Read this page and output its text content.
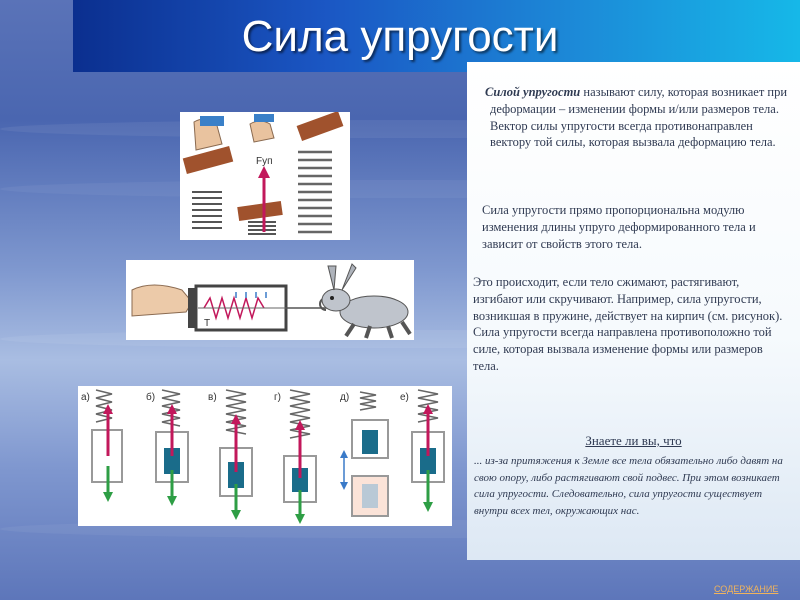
Сила упругости
Fуп
T
а)	б)	в)	г)	д)	е)
Силой упругости называют силу, которая возникает при деформации – изменении формы и/или размеров тела. Вектор силы упругости всегда противонаправлен вектору той силы, которая вызвала деформацию тела.
Сила упругости прямо пропорциональна модулю изменения длины упруго деформированного тела и зависит от свойств этого тела.
Это происходит, если тело сжимают, растягивают, изгибают или скручивают. Например, сила упругости, возникшая в пружине, действует на кирпич (см. рисунок). Сила упругости всегда направлена противоположно той силе, которая вызвала изменение формы или размеров тела.
Знаете ли вы, что
... из-за притяжения к Земле все тела обязательно либо давят на свою опору, либо растягивают свой подвес. При этом возникает сила упругости. Следовательно, сила упругости существует внутри всех тел, окружающих нас.
СОДЕРЖАНИЕ
